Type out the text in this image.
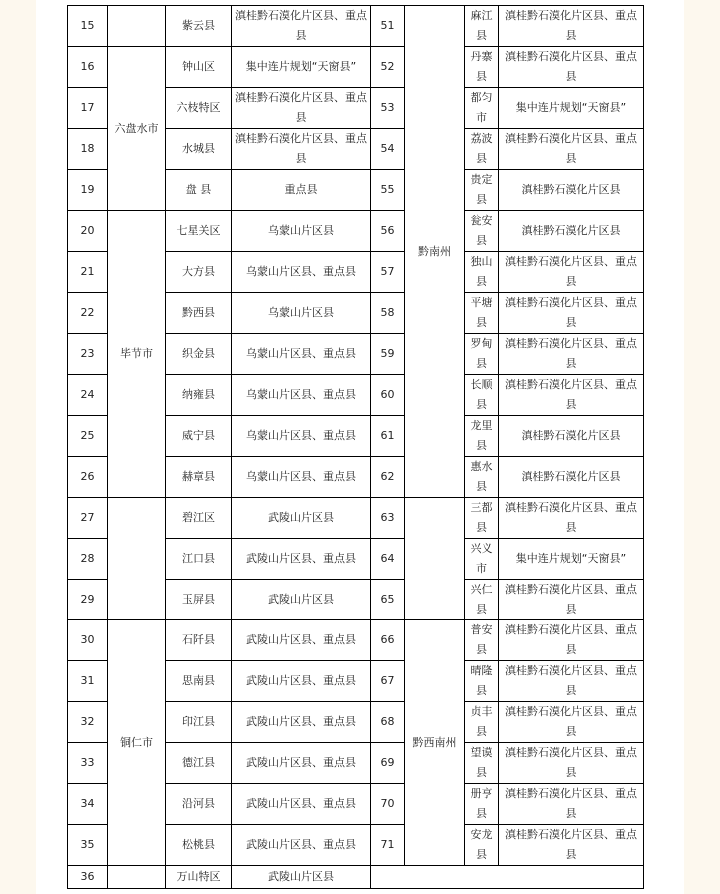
15		紫云县	滇桂黔石漠化片区县、重点县	51	黔南州	麻江县	滇桂黔石漠化片区县、重点县
16	六盘水市	钟山区	集中连片规划“天窗县”	52		丹寨县	滇桂黔石漠化片区县、重点县
17		六枝特区	滇桂黔石漠化片区县、重点县	53		都匀市	集中连片规划“天窗县”
18		水城县	滇桂黔石漠化片区县、重点县	54		荔波县	滇桂黔石漠化片区县、重点县
19		盘 县	重点县	55		贵定县	滇桂黔石漠化片区县
20	毕节市	七星关区	乌蒙山片区县	56		瓮安县	滇桂黔石漠化片区县
21		大方县	乌蒙山片区县、重点县	57		独山县	滇桂黔石漠化片区县、重点县
22		黔西县	乌蒙山片区县	58		平塘县	滇桂黔石漠化片区县、重点县
23		织金县	乌蒙山片区县、重点县	59		罗甸县	滇桂黔石漠化片区县、重点县
24		纳雍县	乌蒙山片区县、重点县	60		长顺县	滇桂黔石漠化片区县、重点县
25		威宁县	乌蒙山片区县、重点县	61		龙里县	滇桂黔石漠化片区县
26		赫章县	乌蒙山片区县、重点县	62		惠水县	滇桂黔石漠化片区县
27		碧江区	武陵山片区县	63		三都县	滇桂黔石漠化片区县、重点县
28		江口县	武陵山片区县、重点县	64		兴义市	集中连片规划“天窗县”
29		玉屏县	武陵山片区县	65		兴仁县	滇桂黔石漠化片区县、重点县
30	铜仁市	石阡县	武陵山片区县、重点县	66	黔西南州	普安县	滇桂黔石漠化片区县、重点县
31		思南县	武陵山片区县、重点县	67		晴隆县	滇桂黔石漠化片区县、重点县
32		印江县	武陵山片区县、重点县	68		贞丰县	滇桂黔石漠化片区县、重点县
33		德江县	武陵山片区县、重点县	69		望谟县	滇桂黔石漠化片区县、重点县
34		沿河县	武陵山片区县、重点县	70		册亨县	滇桂黔石漠化片区县、重点县
35		松桃县	武陵山片区县、重点县	71		安龙县	滇桂黔石漠化片区县、重点县
36		万山特区	武陵山片区县				
